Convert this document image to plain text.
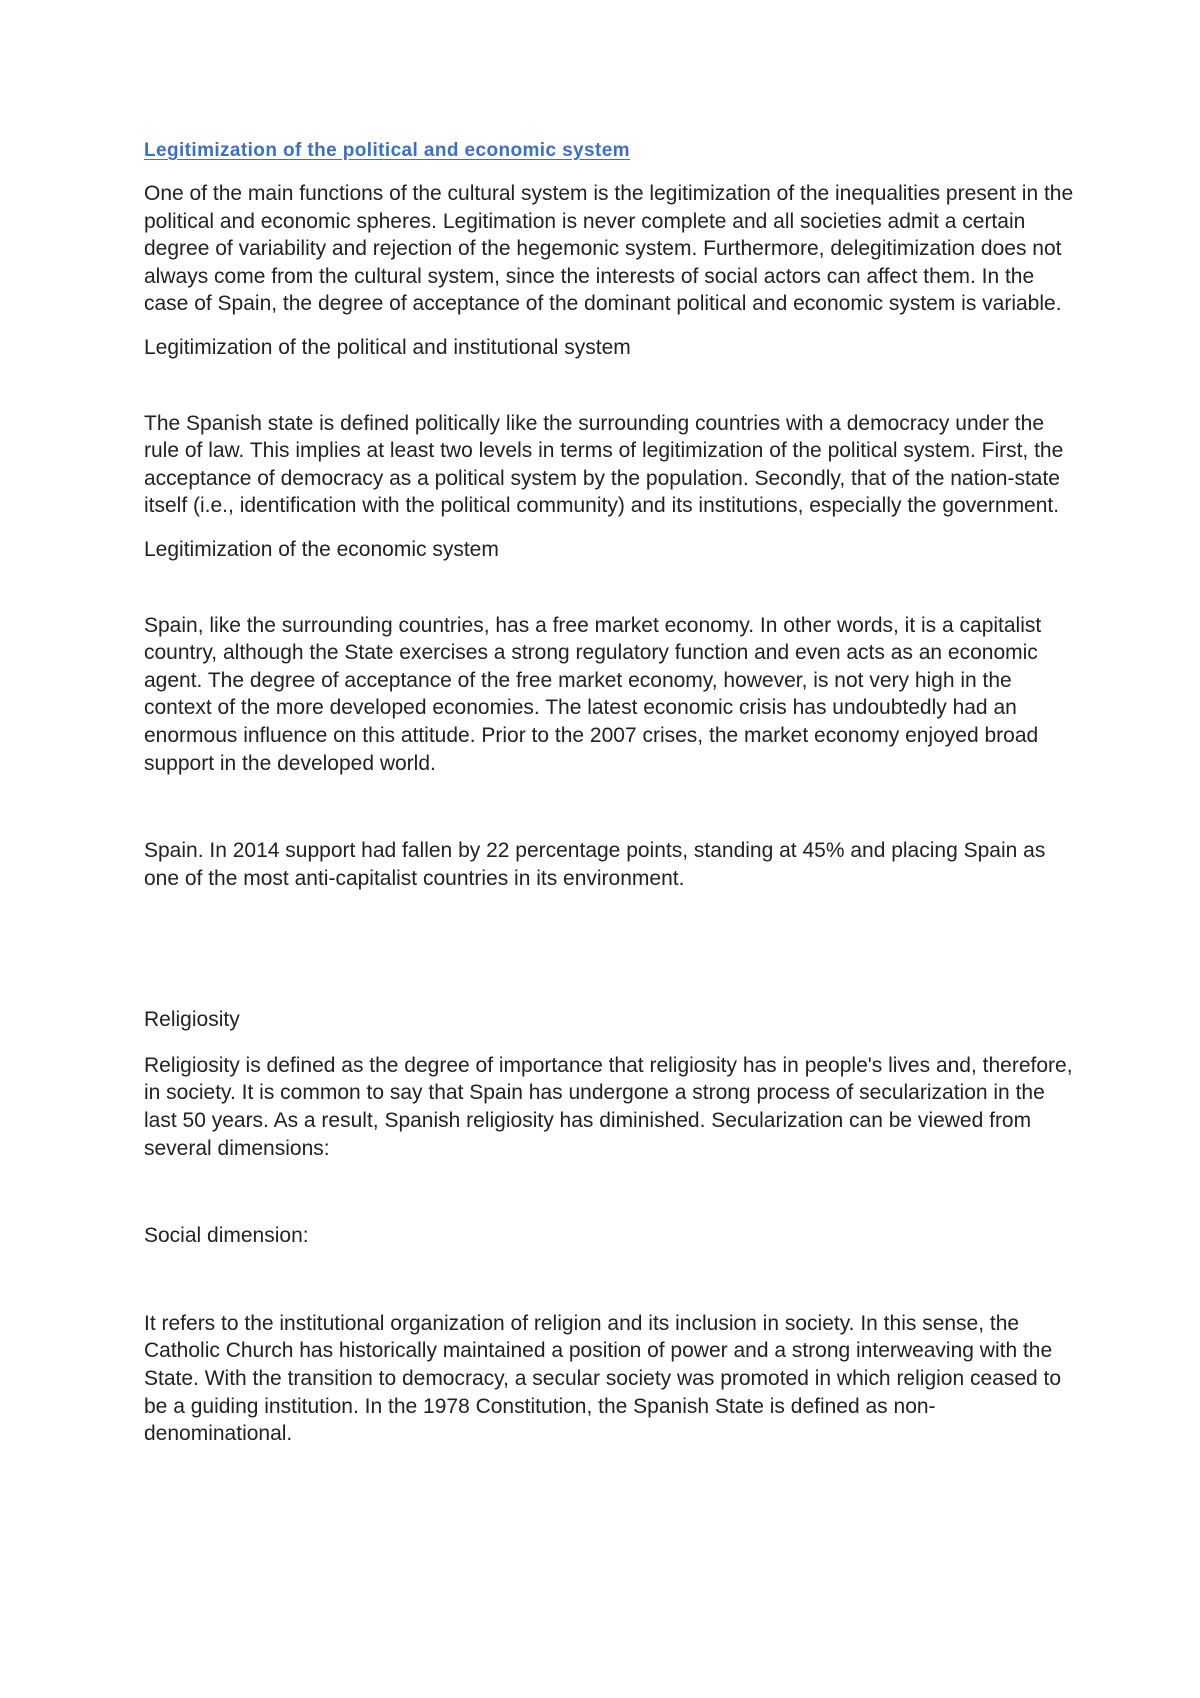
Legitimization of the political and economic system

One of the main functions of the cultural system is the legitimization of the inequalities present in the political and economic spheres. Legitimation is never complete and all societies admit a certain degree of variability and rejection of the hegemonic system. Furthermore, delegitimization does not always come from the cultural system, since the interests of social actors can affect them. In the case of Spain, the degree of acceptance of the dominant political and economic system is variable.

Legitimization of the political and institutional system

The Spanish state is defined politically like the surrounding countries with a democracy under the rule of law. This implies at least two levels in terms of legitimization of the political system. First, the acceptance of democracy as a political system by the population. Secondly, that of the nation-state itself (i.e., identification with the political community) and its institutions, especially the government.

Legitimization of the economic system

Spain, like the surrounding countries, has a free market economy. In other words, it is a capitalist country, although the State exercises a strong regulatory function and even acts as an economic agent. The degree of acceptance of the free market economy, however, is not very high in the context of the more developed economies. The latest economic crisis has undoubtedly had an enormous influence on this attitude. Prior to the 2007 crises, the market economy enjoyed broad support in the developed world.

Spain. In 2014 support had fallen by 22 percentage points, standing at 45% and placing Spain as one of the most anti-capitalist countries in its environment.

Religiosity

Religiosity is defined as the degree of importance that religiosity has in people's lives and, therefore, in society. It is common to say that Spain has undergone a strong process of secularization in the last 50 years. As a result, Spanish religiosity has diminished. Secularization can be viewed from several dimensions:

Social dimension:

It refers to the institutional organization of religion and its inclusion in society. In this sense, the Catholic Church has historically maintained a position of power and a strong interweaving with the State. With the transition to democracy, a secular society was promoted in which religion ceased to be a guiding institution. In the 1978 Constitution, the Spanish State is defined as non-denominational.
